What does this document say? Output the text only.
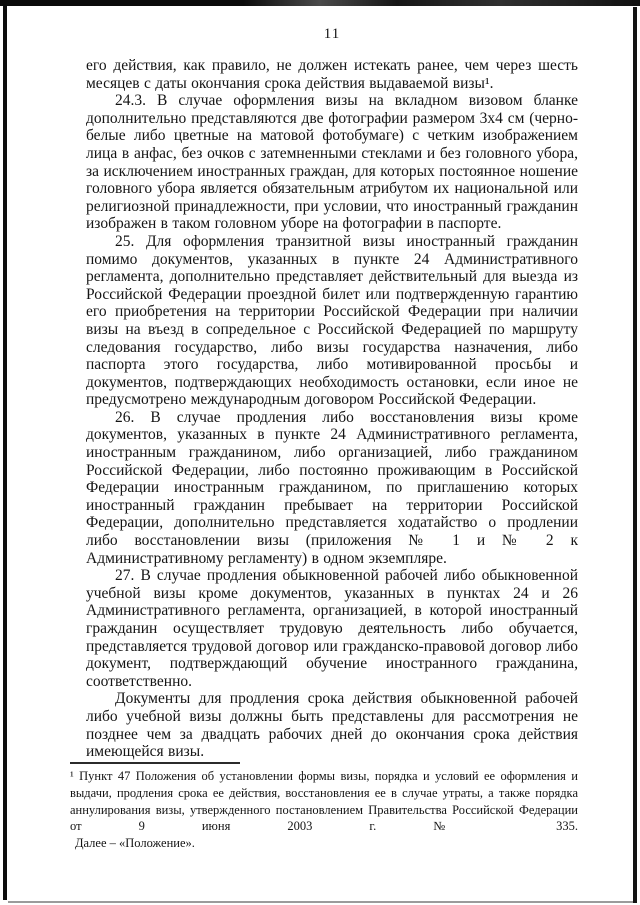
11

его действия, как правило, не должен истекать ранее, чем через шесть месяцев с даты окончания срока действия выдаваемой визы¹.

24.3. В случае оформления визы на вкладном визовом бланке дополнительно представляются две фотографии размером 3х4 см (черно-белые либо цветные на матовой фотобумаге) с четким изображением лица в анфас, без очков с затемненными стеклами и без головного убора, за исключением иностранных граждан, для которых постоянное ношение головного убора является обязательным атрибутом их национальной или религиозной принадлежности, при условии, что иностранный гражданин изображен в таком головном уборе на фотографии в паспорте.

25. Для оформления транзитной визы иностранный гражданин помимо документов, указанных в пункте 24 Административного регламента, дополнительно представляет действительный для выезда из Российской Федерации проездной билет или подтвержденную гарантию его приобретения на территории Российской Федерации при наличии визы на въезд в сопредельное с Российской Федерацией по маршруту следования государство, либо визы государства назначения, либо паспорта этого государства, либо мотивированной просьбы и документов, подтверждающих необходимость остановки, если иное не предусмотрено международным договором Российской Федерации.

26. В случае продления либо восстановления визы кроме документов, указанных в пункте 24 Административного регламента, иностранным гражданином, либо организацией, либо гражданином Российской Федерации, либо постоянно проживающим в Российской Федерации иностранным гражданином, по приглашению которых иностранный гражданин пребывает на территории Российской Федерации, дополнительно представляется ходатайство о продлении либо восстановлении визы (приложения № 1 и № 2 к Административному регламенту) в одном экземпляре.

27. В случае продления обыкновенной рабочей либо обыкновенной учебной визы кроме документов, указанных в пунктах 24 и 26 Административного регламента, организацией, в которой иностранный гражданин осуществляет трудовую деятельность либо обучается, представляется трудовой договор или гражданско-правовой договор либо документ, подтверждающий обучение иностранного гражданина, соответственно.

Документы для продления срока действия обыкновенной рабочей либо учебной визы должны быть представлены для рассмотрения не позднее чем за двадцать рабочих дней до окончания срока действия имеющейся визы.

¹ Пункт 47 Положения об установлении формы визы, порядка и условий ее оформления и выдачи, продления срока ее действия, восстановления ее в случае утраты, а также порядка аннулирования визы, утвержденного постановлением Правительства Российской Федерации от 9 июня 2003 г. № 335.

Далее – «Положение».
